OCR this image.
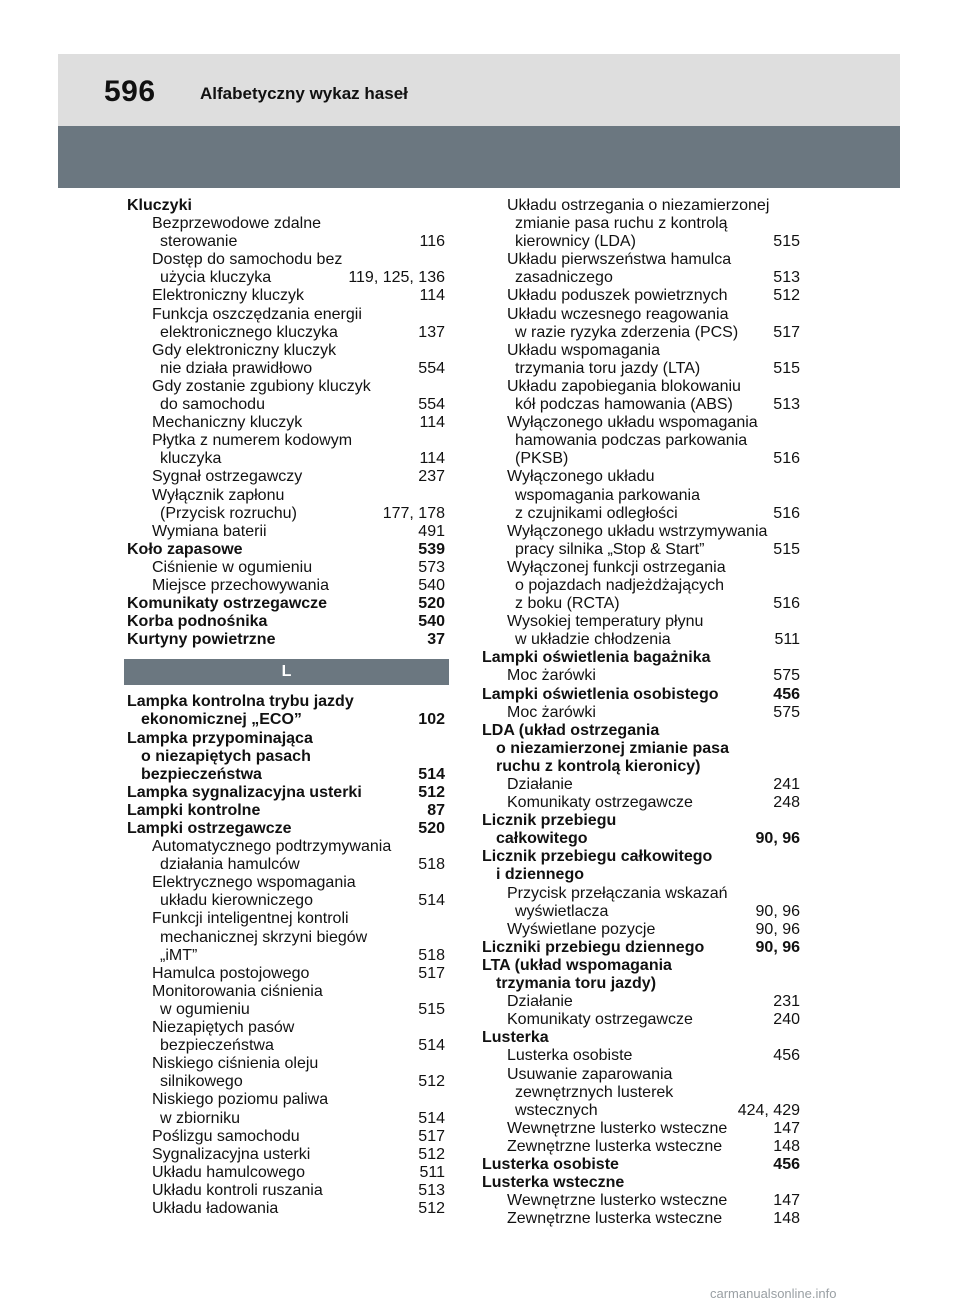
596	Alfabetyczny wykaz haseł
Kluczyki
Bezprzewodowe zdalne
sterowanie	116
Dostęp do samochodu bez
użycia kluczyka	119, 125, 136
Elektroniczny kluczyk	114
Funkcja oszczędzania energii
elektronicznego kluczyka	137
Gdy elektroniczny kluczyk
nie działa prawidłowo	554
Gdy zostanie zgubiony kluczyk
do samochodu	554
Mechaniczny kluczyk	114
Płytka z numerem kodowym
kluczyka	114
Sygnał ostrzegawczy	237
Wyłącznik zapłonu
(Przycisk rozruchu)	177, 178
Wymiana baterii	491
Koło zapasowe	539
Ciśnienie w ogumieniu	573
Miejsce przechowywania	540
Komunikaty ostrzegawcze	520
Korba podnośnika	540
Kurtyny powietrzne	37
L
Lampka kontrolna trybu jazdy
ekonomicznej „ECO”	102
Lampka przypominająca
o niezapiętych pasach
bezpieczeństwa	514
Lampka sygnalizacyjna usterki	512
Lampki kontrolne	87
Lampki ostrzegawcze	520
Automatycznego podtrzymywania
działania hamulców	518
Elektrycznego wspomagania
układu kierowniczego	514
Funkcji inteligentnej kontroli
mechanicznej skrzyni biegów
„iMT”	518
Hamulca postojowego	517
Monitorowania ciśnienia
w ogumieniu	515
Niezapiętych pasów
bezpieczeństwa	514
Niskiego ciśnienia oleju
silnikowego	512
Niskiego poziomu paliwa
w zbiorniku	514
Poślizgu samochodu	517
Sygnalizacyjna usterki	512
Układu hamulcowego	511
Układu kontroli ruszania	513
Układu ładowania	512
Układu ostrzegania o niezamierzonej
zmianie pasa ruchu z kontrolą
kierownicy (LDA)	515
Układu pierwszeństwa hamulca
zasadniczego	513
Układu poduszek powietrznych	512
Układu wczesnego reagowania
w razie ryzyka zderzenia (PCS) 517
Układu wspomagania
trzymania toru jazdy (LTA)	515
Układu zapobiegania blokowaniu
kół podczas hamowania (ABS)	513
Wyłączonego układu wspomagania
hamowania podczas parkowania
(PKSB)	516
Wyłączonego układu
wspomagania parkowania
z czujnikami odległości	516
Wyłączonego układu wstrzymywania
pracy silnika „Stop & Start”	515
Wyłączonej funkcji ostrzegania
o pojazdach nadjeżdżających
z boku (RCTA)	516
Wysokiej temperatury płynu
w układzie chłodzenia	511
Lampki oświetlenia bagażnika
Moc żarówki	575
Lampki oświetlenia osobistego	456
Moc żarówki	575
LDA (układ ostrzegania
o niezamierzonej zmianie pasa
ruchu z kontrolą kieronicy)
Działanie	241
Komunikaty ostrzegawcze	248
Licznik przebiegu
całkowitego	90, 96
Licznik przebiegu całkowitego
i dziennego
Przycisk przełączania wskazań
wyświetlacza	90, 96
Wyświetlane pozycje	90, 96
Liczniki przebiegu dziennego	90, 96
LTA (układ wspomagania
trzymania toru jazdy)
Działanie	231
Komunikaty ostrzegawcze	240
Lusterka
Lusterka osobiste	456
Usuwanie zaparowania
zewnętrznych lusterek
wstecznych	424, 429
Wewnętrzne lusterko wsteczne	147
Zewnętrzne lusterka wsteczne	148
Lusterka osobiste	456
Lusterka wsteczne
Wewnętrzne lusterko wsteczne	147
Zewnętrzne lusterka wsteczne	148
carmanualsonline.info
